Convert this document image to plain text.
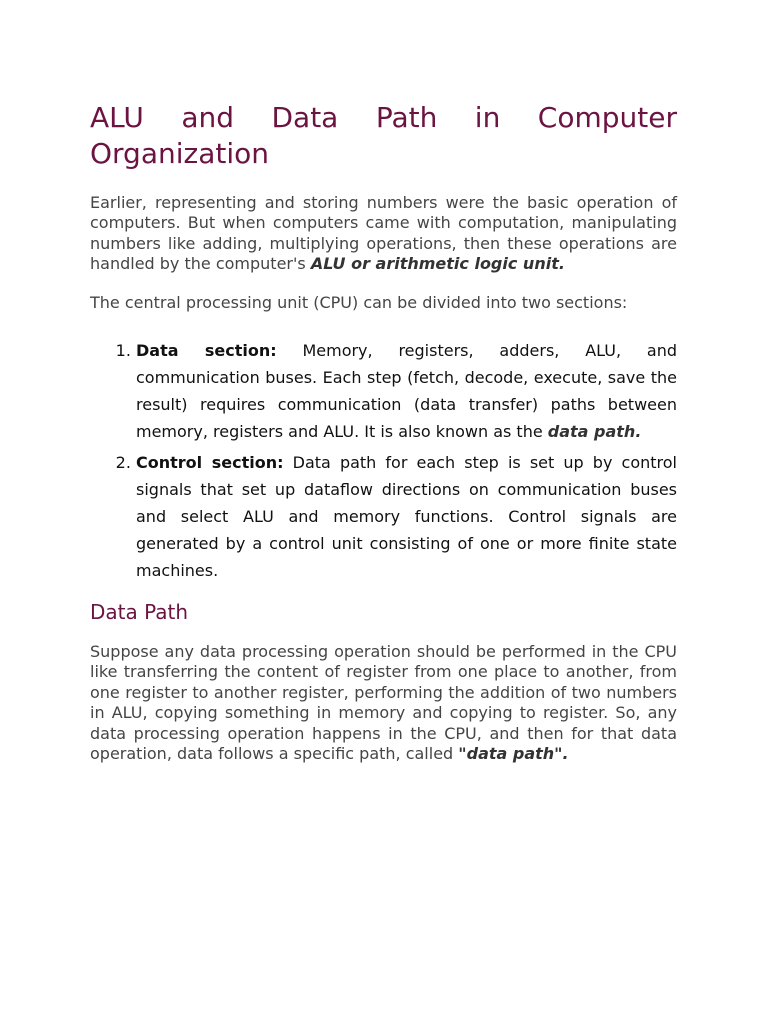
ALU and Data Path in Computer Organization

Earlier, representing and storing numbers were the basic operation of computers. But when computers came with computation, manipulating numbers like adding, multiplying operations, then these operations are handled by the computer's ALU or arithmetic logic unit.

The central processing unit (CPU) can be divided into two sections:

1. Data section: Memory, registers, adders, ALU, and communication buses. Each step (fetch, decode, execute, save the result) requires communication (data transfer) paths between memory, registers and ALU. It is also known as the data path.
2. Control section: Data path for each step is set up by control signals that set up dataflow directions on communication buses and select ALU and memory functions. Control signals are generated by a control unit consisting of one or more finite state machines.
Data Path

Suppose any data processing operation should be performed in the CPU like transferring the content of register from one place to another, from one register to another register, performing the addition of two numbers in ALU, copying something in memory and copying to register. So, any data processing operation happens in the CPU, and then for that data operation, data follows a specific path, called "data path".
